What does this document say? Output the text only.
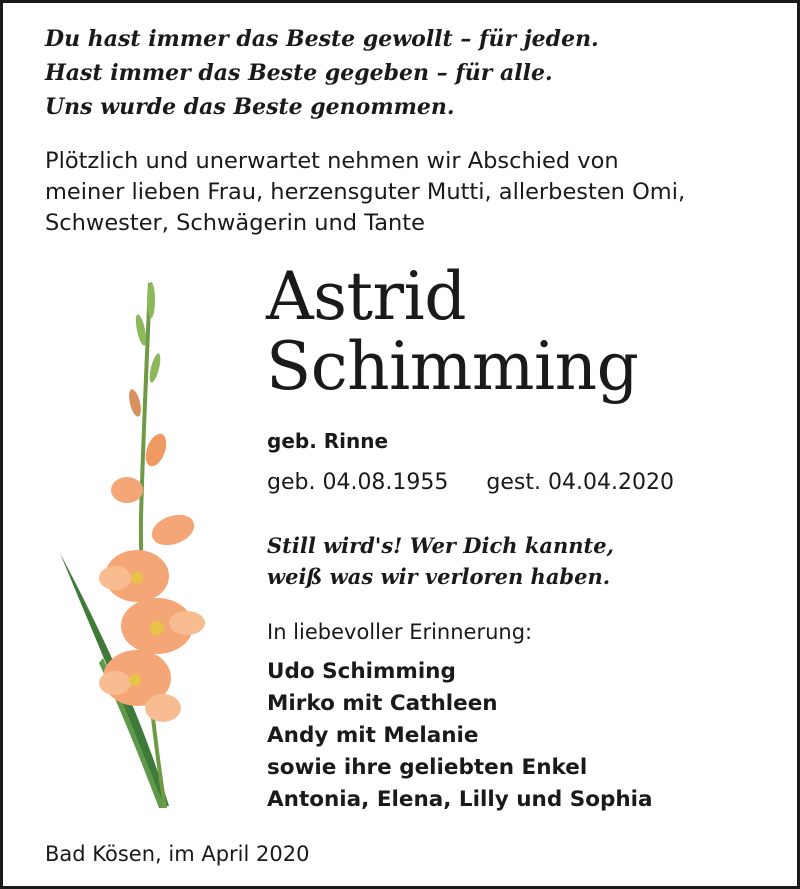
Du hast immer das Beste gewollt – für jeden.
Hast immer das Beste gegeben – für alle.
Uns wurde das Beste genommen.
Plötzlich und unerwartet nehmen wir Abschied von
meiner lieben Frau, herzensguter Mutti, allerbesten Omi,
Schwester, Schwägerin und Tante
Astrid
Schimming
geb. Rinne
geb. 04.08.1955 gest. 04.04.2020
Still wird's! Wer Dich kannte,
weiß was wir verloren haben.
In liebevoller Erinnerung:
Udo Schimming
Mirko mit Cathleen
Andy mit Melanie
sowie ihre geliebten Enkel
Antonia, Elena, Lilly und Sophia
Bad Kösen, im April 2020
